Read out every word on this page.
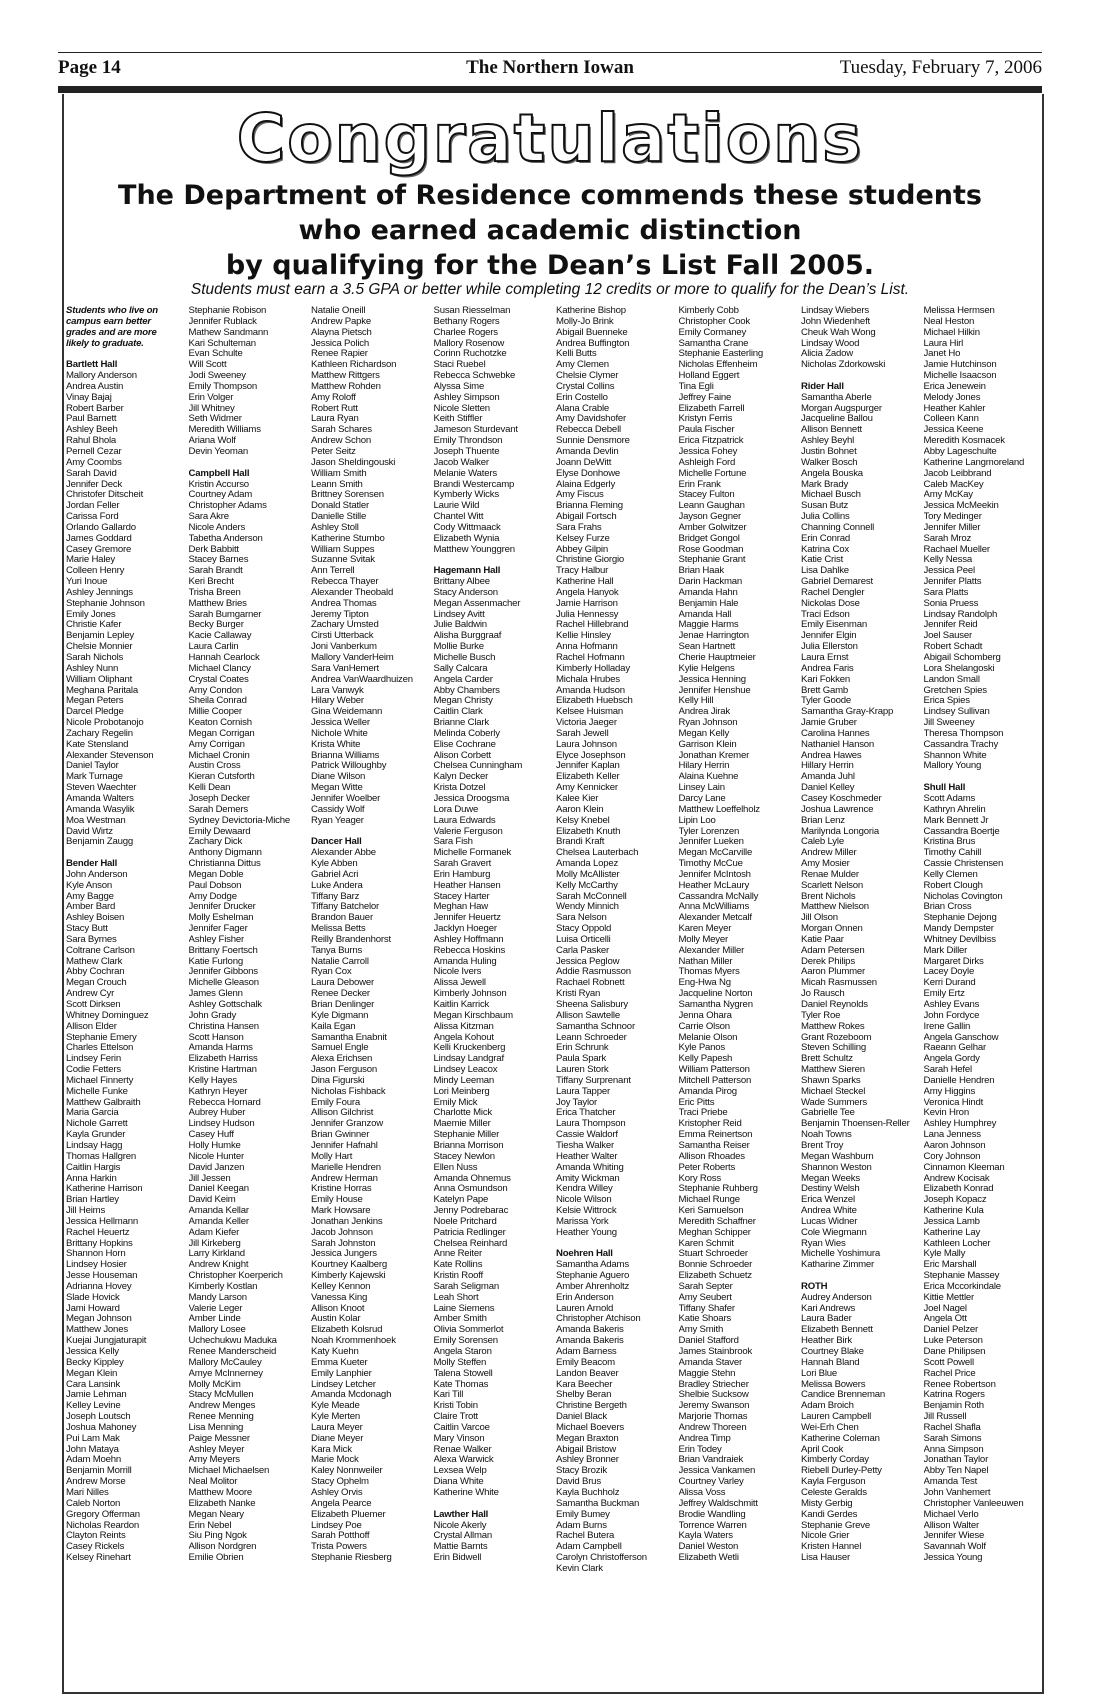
Page 14	The Northern Iowan	Tuesday, February 7, 2006
Congratulations
The Department of Residence commends these students
who earned academic distinction
by qualifying for the Dean’s List Fall 2005.
Students must earn a 3.5 GPA or better while completing 12 credits or more to qualify for the Dean’s List.
Students who live on
campus earn better
grades and are more
likely to graduate.
Bartlett Hall
Mallory Anderson
Andrea Austin
Vinay Bajaj
Robert Barber
Paul Barnett
Ashley Beeh
Rahul Bhola
Pernell Cezar
Amy Coombs
Sarah David
Jennifer Deck
Christofer Ditscheit
Jordan Feller
Carissa Ford
Orlando Gallardo
James Goddard
Casey Gremore
Marie Haley
Colleen Henry
Yuri Inoue
Ashley Jennings
Stephanie Johnson
Emily Jones
Christie Kafer
Benjamin Lepley
Chelsie Monnier
Sarah Nichols
Ashley Nunn
William Oliphant
Meghana Paritala
Megan Peters
Darcel Pledge
Nicole Probotanojo
Zachary Regelin
Kate Stensland
Alexander Stevenson
Daniel Taylor
Mark Turnage
Steven Waechter
Amanda Walters
Amanda Wasylik
Moa Westman
David Wirtz
Benjamin Zaugg
Bender Hall
John Anderson
Kyle Anson
Amy Bagge
Amber Bard
Ashley Boisen
Stacy Butt
Sara Byrnes
Coltrane Carlson
Mathew Clark
Abby Cochran
Megan Crouch
Andrew Cyr
Scott Dirksen
Whitney Dominguez
Allison Elder
Stephanie Emery
Charles Ettelson
Lindsey Ferin
Codie Fetters
Michael Finnerty
Michelle Funke
Matthew Galbraith
Maria Garcia
Nichole Garrett
Kayla Grunder
Lindsay Hagg
Thomas Hallgren
Caitlin Hargis
Anna Harkin
Katherine Harrison
Brian Hartley
Jill Heims
Jessica Hellmann
Rachel Heuertz
Brittany Hopkins
Shannon Horn
Lindsey Hosier
Jesse Houseman
Adrianna Hovey
Slade Hovick
Jami Howard
Megan Johnson
Matthew Jones
Kuejai Jungjaturapit
Jessica Kelly
Becky Kippley
Megan Klein
Cara Lansink
Jamie Lehman
Kelley Levine
Joseph Loutsch
Joshua Mahoney
Pui Lam Mak
John Mataya
Adam Moehn
Benjamin Morrill
Andrew Morse
Mari Nilles
Caleb Norton
Gregory Offerman
Nicholas Reardon
Clayton Reints
Casey Rickels
Kelsey Rinehart
Stephanie Robison
Jennifer Rublack
Mathew Sandmann
Kari Schulteman
Evan Schulte
Will Scott
Jodi Sweeney
Emily Thompson
Erin Volger
Jill Whitney
Seth Widmer
Meredith Williams
Ariana Wolf
Devin Yeoman
Campbell Hall
Kristin Accurso
Courtney Adam
Christopher Adams
Sara Akre
Nicole Anders
Tabetha Anderson
Derk Babbitt
Stacey Barnes
Sarah Brandt
Keri Brecht
Trisha Breen
Matthew Bries
Sarah Bumgarner
Becky Burger
Kacie Callaway
Laura Carlin
Hannah Cearlock
Michael Clancy
Crystal Coates
Amy Condon
Sheila Conrad
Millie Cooper
Keaton Cornish
Megan Corrigan
Amy Corrigan
Michael Cronin
Austin Cross
Kieran Cutsforth
Kelli Dean
Joseph Decker
Sarah Demers
Sydney Devictoria-Miche
Emily Dewaard
Zachary Dick
Anthony Digmann
Christianna Dittus
Megan Doble
Paul Dobson
Amy Dodge
Jennifer Drucker
Molly Eshelman
Jennifer Fager
Ashley Fisher
Brittany Foertsch
Katie Furlong
Jennifer Gibbons
Michelle Gleason
James Glenn
Ashley Gottschalk
John Grady
Christina Hansen
Scott Hanson
Amanda Harms
Elizabeth Harriss
Kristine Hartman
Kelly Hayes
Kathryn Heyer
Rebecca Hornard
Aubrey Huber
Lindsey Hudson
Casey Huff
Holly Humke
Nicole Hunter
David Janzen
Jill Jessen
Daniel Keegan
David Keim
Amanda Kellar
Amanda Keller
Adam Kiefer
Jill Kirkeberg
Larry Kirkland
Andrew Knight
Christopher Koerperich
Kimberly Kostlan
Mandy Larson
Valerie Leger
Amber Linde
Mallory Losee
Uchechukwu Maduka
Renee Manderscheid
Mallory McCauley
Amye McInnerney
Molly McKim
Stacy McMullen
Andrew Menges
Renee Menning
Lisa Menning
Paige Messner
Ashley Meyer
Amy Meyers
Michael Michaelsen
Neal Molitor
Matthew Moore
Elizabeth Nanke
Megan Neary
Erin Nebel
Siu Ping Ngok
Allison Nordgren
Emilie Obrien
Natalie Oneill
Andrew Papke
Alayna Pietsch
Jessica Polich
Renee Rapier
Kathleen Richardson
Matthew Rittgers
Matthew Rohden
Amy Roloff
Robert Rutt
Laura Ryan
Sarah Schares
Andrew Schon
Peter Seitz
Jason Sheldingouski
William Smith
Leann Smith
Brittney Sorensen
Donald Statler
Danielle Stille
Ashley Stoll
Katherine Stumbo
William Suppes
Suzanne Svitak
Ann Terrell
Rebecca Thayer
Alexander Theobald
Andrea Thomas
Jeremy Tipton
Zachary Umsted
Cirsti Utterback
Joni Vanberkum
Mallory VanderHeim
Sara VanHemert
Andrea VanWaardhuizen
Lara Vanwyk
Hilary Weber
Gina Weidemann
Jessica Weller
Nichole White
Krista White
Brianna Williams
Patrick Willoughby
Diane Wilson
Megan Witte
Jennifer Woelber
Cassidy Wolf
Ryan Yeager
Dancer Hall
Alexander Abbe
Kyle Abben
Gabriel Acri
Luke Andera
Tiffany Barz
Tiffany Batchelor
Brandon Bauer
Melissa Betts
Reilly Brandenhorst
Tanya Burns
Natalie Carroll
Ryan Cox
Laura Debower
Renee Decker
Brian Denlinger
Kyle Digmann
Kaila Egan
Samantha Enabnit
Samuel Engle
Alexa Erichsen
Jason Ferguson
Dina Figurski
Nicholas Fishback
Emily Foura
Allison Gilchrist
Jennifer Granzow
Brian Gwinner
Jennifer Hafnahl
Molly Hart
Marielle Hendren
Andrew Herman
Kristine Horras
Emily House
Mark Howsare
Jonathan Jenkins
Jacob Johnson
Sarah Johnston
Jessica Jungers
Kourtney Kaalberg
Kimberly Kajewski
Kelley Kennon
Vanessa King
Allison Knoot
Austin Kolar
Elizabeth Kolsrud
Noah Krommenhoek
Katy Kuehn
Emma Kueter
Emily Lanphier
Lindsey Letcher
Amanda Mcdonagh
Kyle Meade
Kyle Merten
Laura Meyer
Diane Meyer
Kara Mick
Marie Mock
Kaley Nonnweiler
Stacy Ophelm
Ashley Orvis
Angela Pearce
Elizabeth Pluemer
Lindsey Poe
Sarah Potthoff
Trista Powers
Stephanie Riesberg
Susan Riesselman
Bethany Rogers
Charlee Rogers
Mallory Rosenow
Corinn Ruchotzke
Staci Ruebel
Rebecca Schwebke
Alyssa Sime
Ashley Simpson
Nicole Sletten
Keith Stiffler
Jameson Sturdevant
Emily Throndson
Joseph Thuente
Jacob Walker
Melanie Waters
Brandi Westercamp
Kymberly Wicks
Laurie Wild
Chantel Witt
Cody Wittmaack
Elizabeth Wynia
Matthew Younggren
Hagemann Hall
Brittany Albee
Stacy Anderson
Megan Assenmacher
Lindsey Avitt
Julie Baldwin
Alisha Burggraaf
Mollie Burke
Michelle Busch
Sally Calcara
Angela Carder
Abby Chambers
Megan Christy
Caitlin Clark
Brianne Clark
Melinda Coberly
Elise Cochrane
Alison Corbett
Chelsea Cunningham
Kalyn Decker
Krista Dotzel
Jessica Droogsma
Lora Duwe
Laura Edwards
Valerie Ferguson
Sara Fish
Michelle Formanek
Sarah Gravert
Erin Hamburg
Heather Hansen
Stacey Harter
Meghan Haw
Jennifer Heuertz
Jacklyn Hoeger
Ashley Hoffmann
Rebecca Hoskins
Amanda Huling
Nicole Ivers
Alissa Jewell
Kimberly Johnson
Kaitlin Karrick
Megan Kirschbaum
Alissa Kitzman
Angela Kohout
Kelli Kruckenberg
Lindsay Landgraf
Lindsey Leacox
Mindy Leeman
Lori Meinberg
Emily Mick
Charlotte Mick
Maemie Miller
Stephanie Miller
Brianna Morrison
Stacey Newlon
Ellen Nuss
Amanda Ohnemus
Anna Osmundson
Katelyn Pape
Jenny Podrebarac
Noele Pritchard
Patricia Redlinger
Chelsea Reinhard
Anne Reiter
Kate Rollins
Kristin Rooff
Sarah Seligman
Leah Short
Laine Siemens
Amber Smith
Olivia Sommerlot
Emily Sorensen
Angela Staron
Molly Steffen
Talena Stowell
Kate Thomas
Kari Till
Kristi Tobin
Claire Trott
Caitlin Varcoe
Mary Vinson
Renae Walker
Alexa Warwick
Lexsea Welp
Diana White
Katherine White
Lawther Hall
Nicole Akerly
Crystal Allman
Mattie Barnts
Erin Bidwell
Katherine Bishop
Molly-Jo Brink
Abigail Buenneke
Andrea Buffington
Kelli Butts
Amy Clemen
Chelsie Clymer
Crystal Collins
Erin Costello
Alana Crable
Amy Davidshofer
Rebecca Debell
Sunnie Densmore
Amanda Devlin
Joann DeWitt
Elyse Donhowe
Alaina Edgerly
Amy Fiscus
Brianna Fleming
Abigail Fortsch
Sara Frahs
Kelsey Furze
Abbey Gilpin
Christine Giorgio
Tracy Halbur
Katherine Hall
Angela Hanyok
Jamie Harrison
Julia Hennessy
Rachel Hillebrand
Kellie Hinsley
Anna Hofmann
Rachel Hofmann
Kimberly Holladay
Michala Hrubes
Amanda Hudson
Elizabeth Huebsch
Kelsee Huisman
Victoria Jaeger
Sarah Jewell
Laura Johnson
Elyce Josephson
Jennifer Kaplan
Elizabeth Keller
Amy Kennicker
Kalee Kier
Aaron Klein
Kelsy Knebel
Elizabeth Knuth
Brandi Kraft
Chelsea Lauterbach
Amanda Lopez
Molly McAllister
Kelly McCarthy
Sarah McConnell
Wendy Minnich
Sara Nelson
Stacy Oppold
Luisa Orticelli
Carla Pasker
Jessica Peglow
Addie Rasmusson
Rachael Robnett
Kristi Ryan
Sheena Salisbury
Allison Sawtelle
Samantha Schnoor
Leann Schroeder
Erin Schrunk
Paula Spark
Lauren Stork
Tiffany Surprenant
Laura Tapper
Joy Taylor
Erica Thatcher
Laura Thompson
Cassie Waldorf
Tiesha Walker
Heather Walter
Amanda Whiting
Amity Wickman
Kendra Willey
Nicole Wilson
Kelsie Wittrock
Marissa York
Heather Young
Noehren Hall
Samantha Adams
Stephanie Aguero
Amber Ahrenholtz
Erin Anderson
Lauren Arnold
Christopher Atchison
Amanda Bakeris
Amanda Bakeris
Adam Barness
Emily Beacom
Landon Beaver
Kara Beecher
Shelby Beran
Christine Bergeth
Daniel Black
Michael Boevers
Megan Braxton
Abigail Bristow
Ashley Bronner
Stacy Brozik
David Brus
Kayla Buchholz
Samantha Buckman
Emily Bumey
Adam Burns
Rachel Butera
Adam Campbell
Carolyn Christofferson
Kevin Clark
Kimberly Cobb
Christopher Cook
Emily Cormaney
Samantha Crane
Stephanie Easterling
Nicholas Effenheim
Holland Eggert
Tina Egli
Jeffrey Faine
Elizabeth Farrell
Kristyn Ferris
Paula Fischer
Erica Fitzpatrick
Jessica Fohey
Ashleigh Ford
Michelle Fortune
Erin Frank
Stacey Fulton
Leann Gaughan
Jayson Gegner
Amber Golwitzer
Bridget Gongol
Rose Goodman
Stephanie Grant
Brian Haak
Darin Hackman
Amanda Hahn
Benjamin Hale
Amanda Hall
Maggie Harms
Jenae Harrington
Sean Hartnett
Cherie Hauptmeier
Kylie Helgens
Jessica Henning
Jennifer Henshue
Kelly Hill
Andrea Jirak
Ryan Johnson
Megan Kelly
Garrison Klein
Jonathan Kremer
Hilary Herrin
Alaina Kuehne
Linsey Lain
Darcy Lane
Matthew Loeffelholz
Lipin Loo
Tyler Lorenzen
Jennifer Lueken
Megan McCarville
Timothy McCue
Jennifer McIntosh
Heather McLaury
Cassandra McNally
Anna McWilliams
Alexander Metcalf
Karen Meyer
Molly Meyer
Alexander Miller
Nathan Miller
Thomas Myers
Eng-Hwa Ng
Jacqueline Norton
Samantha Nygren
Jenna Ohara
Carrie Olson
Melanie Olson
Kyle Panos
Kelly Papesh
William Patterson
Mitchell Patterson
Amanda Pirog
Eric Pitts
Traci Priebe
Kristopher Reid
Emma Reinertson
Samantha Reiser
Allison Rhoades
Peter Roberts
Kory Ross
Stephanie Ruhberg
Michael Runge
Keri Samuelson
Meredith Schaffner
Meghan Schipper
Karen Schmit
Stuart Schroeder
Bonnie Schroeder
Elizabeth Schuetz
Sarah Septer
Amy Seubert
Tiffany Shafer
Katie Shoars
Amy Smith
Daniel Stafford
James Stainbrook
Amanda Staver
Maggie Stehn
Bradley Striecher
Shelbie Sucksow
Jeremy Swanson
Marjorie Thomas
Andrew Thoreen
Andrea Timp
Erin Todey
Brian Vandraiek
Jessica Vankamen
Courtney Varley
Alissa Voss
Jeffrey Waldschmitt
Brodie Wandling
Torrence Warren
Kayla Waters
Daniel Weston
Elizabeth Wetli
Lindsay Wiebers
John Wiedenheft
Cheuk Wah Wong
Lindsay Wood
Alicia Zadow
Nicholas Zdorkowski
Rider Hall
Samantha Aberle
Morgan Augspurger
Jacqueline Ballou
Allison Bennett
Ashley Beyhl
Justin Bohnet
Walker Bosch
Angela Bouska
Mark Brady
Michael Busch
Susan Butz
Julia Collins
Channing Connell
Erin Conrad
Katrina Cox
Katie Crist
Lisa Dahlke
Gabriel Demarest
Rachel Dengler
Nickolas Dose
Traci Edson
Emily Eisenman
Jennifer Elgin
Julia Ellerston
Laura Ernst
Andrea Faris
Kari Fokken
Brett Gamb
Tyler Goode
Samantha Gray-Krapp
Jamie Gruber
Carolina Hannes
Nathaniel Hanson
Andrea Hawes
Hillary Herrin
Amanda Juhl
Daniel Kelley
Casey Koschmeder
Joshua Lawrence
Brian Lenz
Marilynda Longoria
Caleb Lyle
Andrew Miller
Amy Mosier
Renae Mulder
Scarlett Nelson
Brent Nichols
Matthew Nielson
Jill Olson
Morgan Onnen
Katie Paar
Adam Petersen
Derek Philips
Aaron Plummer
Micah Rasmussen
Jo Rausch
Daniel Reynolds
Tyler Roe
Matthew Rokes
Grant Rozeboom
Steven Schilling
Brett Schultz
Matthew Sieren
Shawn Sparks
Michael Steckel
Wade Summers
Gabrielle Tee
Benjamin Thoensen-Reller
Noah Towns
Brent Troy
Megan Washburn
Shannon Weston
Megan Weeks
Destiny Welsh
Erica Wenzel
Andrea White
Lucas Widner
Cole Wiegmann
Ryan Wies
Michelle Yoshimura
Katharine Zimmer
ROTH
Audrey Anderson
Kari Andrews
Laura Bader
Elizabeth Bennett
Heather Birk
Courtney Blake
Hannah Bland
Lori Blue
Melissa Bowers
Candice Brenneman
Adam Broich
Lauren Campbell
Wei-Erh Chen
Katherine Coleman
April Cook
Kimberly Corday
Riebell Durley-Petty
Kayla Ferguson
Celeste Geralds
Misty Gerbig
Kandi Gerdes
Stephanie Greve
Nicole Grier
Kristen Hannel
Lisa Hauser
Melissa Hermsen
Neal Heston
Michael Hilkin
Laura Hirl
Janet Ho
Jamie Hutchinson
Michelle Isaacson
Erica Jenewein
Melody Jones
Heather Kahler
Colleen Kann
Jessica Keene
Meredith Kosmacek
Abby Lageschulte
Katherine Langmoreland
Jacob Leibbrand
Caleb MacKey
Amy McKay
Jessica McMeekin
Tory Medinger
Jennifer Miller
Sarah Mroz
Rachael Mueller
Kelly Nessa
Jessica Peel
Jennifer Platts
Sara Platts
Sonia Pruess
Lindsay Randolph
Jennifer Reid
Joel Sauser
Robert Schadt
Abigail Schomberg
Lora Shelangoski
Landon Small
Gretchen Spies
Erica Spies
Lindsey Sullivan
Jill Sweeney
Theresa Thompson
Cassandra Trachy
Shannon White
Mallory Young
Shull Hall
Scott Adams
Kathryn Ahrelin
Mark Bennett Jr
Cassandra Boertje
Kristina Brus
Timothy Cahill
Cassie Christensen
Kelly Clemen
Robert Clough
Nicholas Covington
Brian Cross
Stephanie Dejong
Mandy Dempster
Whitney Devilbiss
Mark Diller
Margaret Dirks
Lacey Doyle
Kerri Durand
Emily Ertz
Ashley Evans
John Fordyce
Irene Gallin
Angela Ganschow
Raeann Gelhar
Angela Gordy
Sarah Hefel
Danielle Hendren
Amy Higgins
Veronica Hindt
Kevin Hron
Ashley Humphrey
Lana Jenness
Aaron Johnson
Cory Johnson
Cinnamon Kleeman
Andrew Kocisak
Elizabeth Konrad
Joseph Kopacz
Katherine Kula
Jessica Lamb
Katherine Lay
Kathleen Locher
Kyle Mally
Eric Marshall
Stephanie Massey
Erica Mccorkindale
Kittie Mettler
Joel Nagel
Angela Ott
Daniel Pelzer
Luke Peterson
Dane Philipsen
Scott Powell
Rachel Price
Renee Robertson
Katrina Rogers
Benjamin Roth
Jill Russell
Rachel Shafla
Sarah Simons
Anna Simpson
Jonathan Taylor
Abby Ten Napel
Amanda Test
John Vanhemert
Christopher Vanleeuwen
Michael Verlo
Allison Walter
Jennifer Wiese
Savannah Wolf
Jessica Young
